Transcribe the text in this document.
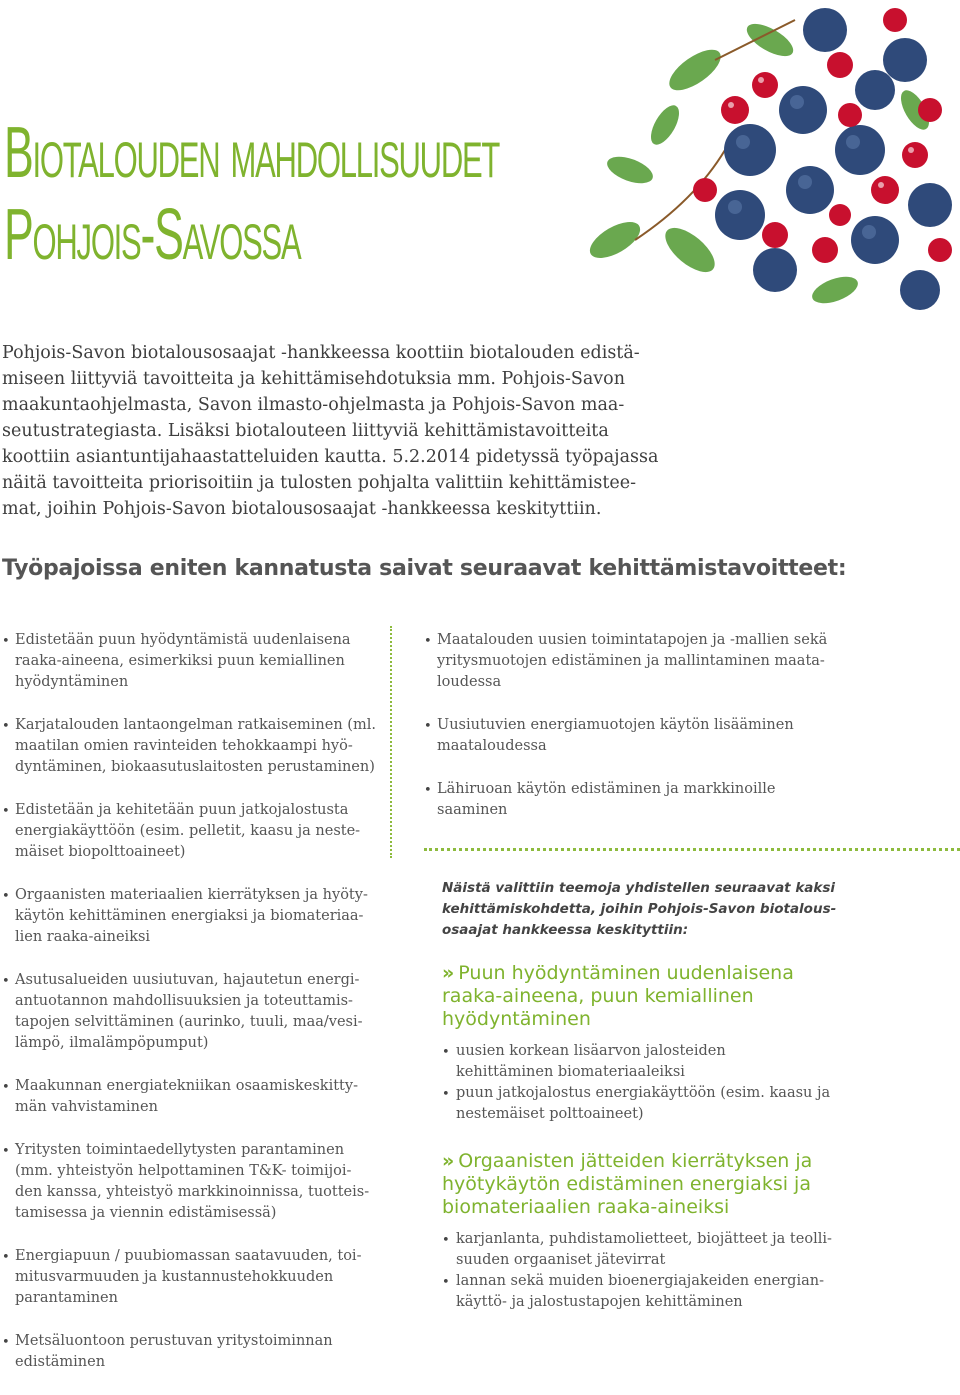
Biotalouden mahdollisuudet
Pohjois-Savossa

Pohjois-Savon biotalousosaajat -hankkeessa koottiin biotalouden edistä-
miseen liittyviä tavoitteita ja kehittämisehdotuksia mm. Pohjois-Savon
maakuntaohjelmasta, Savon ilmasto-ohjelmasta ja Pohjois-Savon maa-
seutustrategiasta. Lisäksi biotalouteen liittyviä kehittämistavoitteita
koottiin asiantuntijahaastatteluiden kautta. 5.2.2014 pidetyssä työpajassa
näitä tavoitteita priorisoitiin ja tulosten pohjalta valittiin kehittämistee-
mat, joihin Pohjois-Savon biotalousosaajat -hankkeessa keskityttiin.

Työpajoissa eniten kannatusta saivat seuraavat kehittämistavoitteet:
• Edistetään puun hyödyntämistä uudenlaisena
raaka-aineena, esimerkiksi puun kemiallinen
hyödyntäminen
• Karjatalouden lantaongelman ratkaiseminen (ml.
maatilan omien ravinteiden tehokkaampi hyö-
dyntäminen, biokaasutuslaitosten perustaminen)
• Edistetään ja kehitetään puun jatkojalostusta
energiakäyttöön (esim. pelletit, kaasu ja neste-
mäiset biopolttoaineet)
• Orgaanisten materiaalien kierrätyksen ja hyöty-
käytön kehittäminen energiaksi ja biomateriaa-
lien raaka-aineiksi
• Asutusalueiden uusiutuvan, hajautetun energi-
antuotannon mahdollisuuksien ja toteuttamis-
tapojen selvittäminen (aurinko, tuuli, maa/vesi-
lämpö, ilmalämpöpumput)
• Maakunnan energiatekniikan osaamiskeskitty-
män vahvistaminen
• Yritysten toimintaedellytysten parantaminen
(mm. yhteistyön helpottaminen T&K- toimijoi-
den kanssa, yhteistyö markkinoinnissa, tuotteis-
tamisessa ja viennin edistämisessä)
• Energiapuun / puubiomassan saatavuuden, toi-
mitusvarmuuden ja kustannustehokkuuden
parantaminen
• Metsäluontoon perustuvan yritystoiminnan
edistäminen
• Maatalouden uusien toimintatapojen ja -mallien sekä
yritysmuotojen edistäminen ja mallintaminen maata-
loudessa
• Uusiutuvien energiamuotojen käytön lisääminen
maataloudessa
• Lähiruoan käytön edistäminen ja markkinoille
saaminen

Näistä valittiin teemoja yhdistellen seuraavat kaksi
kehittämiskohdetta, joihin Pohjois-Savon biotalous-
osaajat hankkeessa keskityttiin:

» Puun hyödyntäminen uudenlaisena
raaka-aineena, puun kemiallinen
hyödyntäminen
• uusien korkean lisäarvon jalosteiden
kehittäminen biomateriaaleiksi
• puun jatkojalostus energiakäyttöön (esim. kaasu ja
nestemäiset polttoaineet)
» Orgaanisten jätteiden kierrätyksen ja
hyötykäytön edistäminen energiaksi ja
biomateriaalien raaka-aineiksi
• karjanlanta, puhdistamolietteet, biojätteet ja teolli-
suuden orgaaniset jätevirrat
• lannan sekä muiden bioenergiajakeiden energian-
käyttö- ja jalostustapojen kehittäminen
